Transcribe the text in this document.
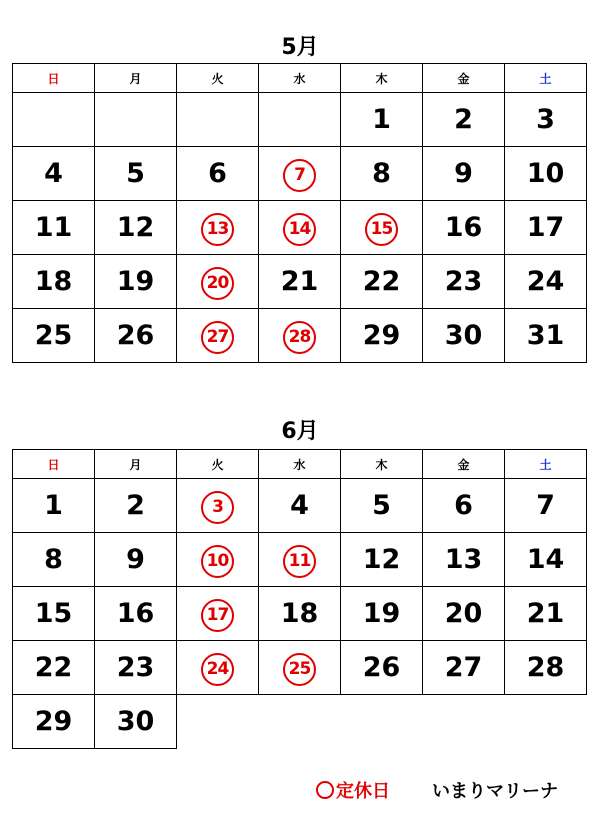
5月
日	月	火	水	木	金	土
				1	2	3
4	5	6	7	8	9	10
11	12	13	14	15	16	17
18	19	20	21	22	23	24
25	26	27	28	29	30	31
6月
日	月	火	水	木	金	土
1	2	3	4	5	6	7
8	9	10	11	12	13	14
15	16	17	18	19	20	21
22	23	24	25	26	27	28
29	30					
定休日 いまりマリーナ
